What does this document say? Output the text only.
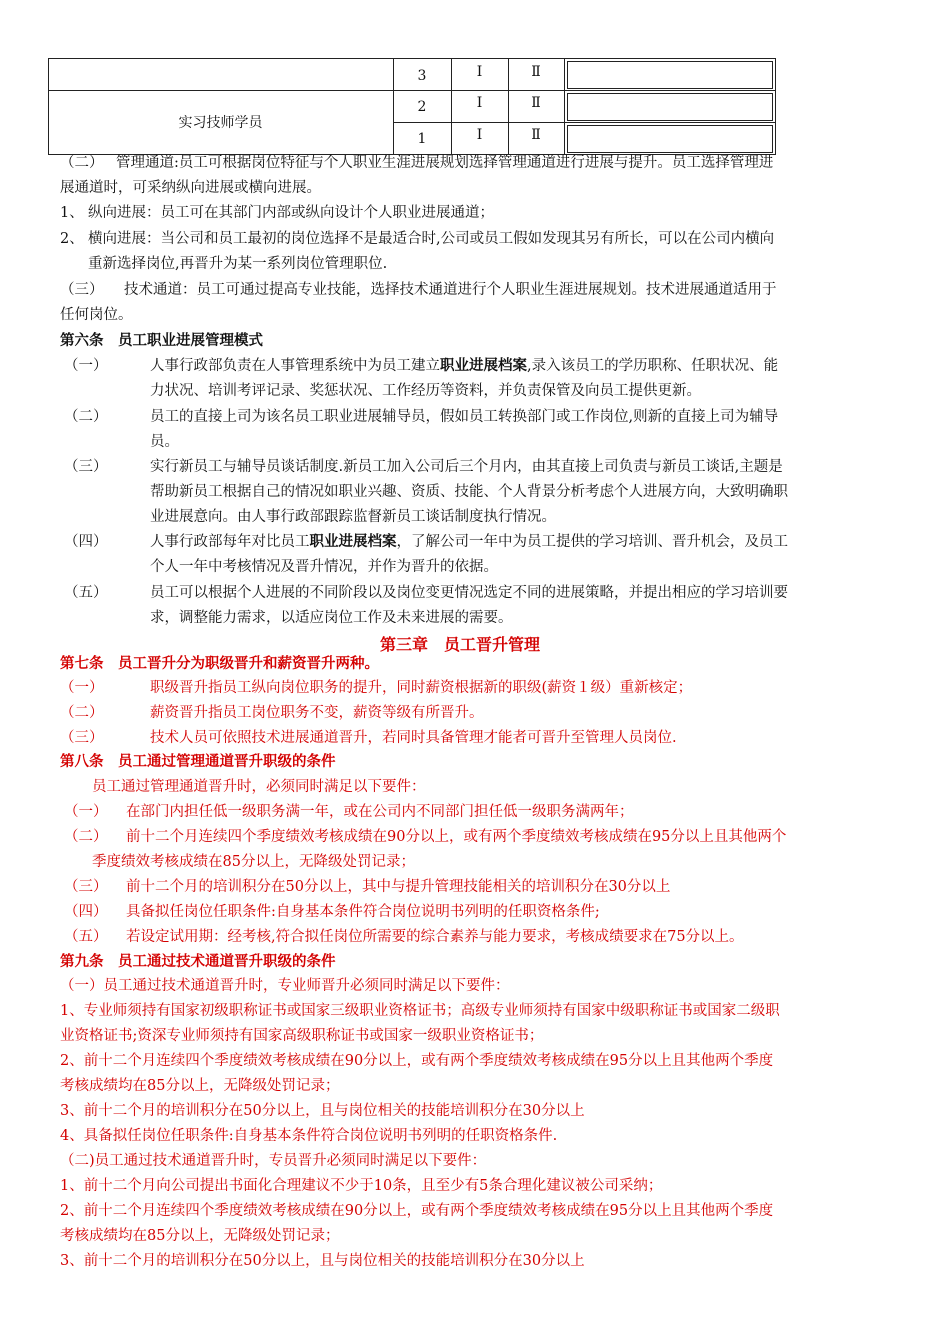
实习技师学员
3	Ⅰ	Ⅱ
2	Ⅰ	Ⅱ
1	Ⅰ	Ⅱ
（二） 管理通道:员工可根据岗位特征与个人职业生涯进展规划选择管理通道进行进展与提升。员工选择管理进
展通道时，可采纳纵向进展或横向进展。
1、 纵向进展：员工可在其部门内部或纵向设计个人职业进展通道；
2、 横向进展：当公司和员工最初的岗位选择不是最适合时,公司或员工假如发现其另有所长，可以在公司内横向
重新选择岗位,再晋升为某一系列岗位管理职位.
（三） 技术通道：员工可通过提高专业技能，选择技术通道进行个人职业生涯进展规划。技术进展通道适用于
任何岗位。
第六条　员工职业进展管理模式
（一）	人事行政部负责在人事管理系统中为员工建立职业进展档案,录入该员工的学历职称、任职状况、能
力状况、培训考评记录、奖惩状况、工作经历等资料，并负责保管及向员工提供更新。
（二）	员工的直接上司为该名员工职业进展辅导员，假如员工转换部门或工作岗位,则新的直接上司为辅导
员。
（三）	实行新员工与辅导员谈话制度.新员工加入公司后三个月内，由其直接上司负责与新员工谈话,主题是
帮助新员工根据自己的情况如职业兴趣、资质、技能、个人背景分析考虑个人进展方向，大致明确职
业进展意向。由人事行政部跟踪监督新员工谈话制度执行情况。
（四）	人事行政部每年对比员工职业进展档案，了解公司一年中为员工提供的学习培训、晋升机会，及员工
个人一年中考核情况及晋升情况，并作为晋升的依据。
（五）	员工可以根据个人进展的不同阶段以及岗位变更情况选定不同的进展策略，并提出相应的学习培训要
求，调整能力需求，以适应岗位工作及未来进展的需要。
第三章　员工晋升管理
第七条　员工晋升分为职级晋升和薪资晋升两种。
（一）	职级晋升指员工纵向岗位职务的提升，同时薪资根据新的职级(薪资１级）重新核定；
（二）	薪资晋升指员工岗位职务不变，薪资等级有所晋升。
（三）	技术人员可依照技术进展通道晋升，若同时具备管理才能者可晋升至管理人员岗位.
第八条　员工通过管理通道晋升职级的条件
员工通过管理通道晋升时，必须同时满足以下要件：
（一） 在部门内担任低一级职务满一年，或在公司内不同部门担任低一级职务满两年；
（二） 前十二个月连续四个季度绩效考核成绩在90分以上，或有两个季度绩效考核成绩在95分以上且其他两个
季度绩效考核成绩在85分以上，无降级处罚记录；
（三） 前十二个月的培训积分在50分以上，其中与提升管理技能相关的培训积分在30分以上
（四） 具备拟任岗位任职条件:自身基本条件符合岗位说明书列明的任职资格条件;
（五） 若设定试用期：经考核,符合拟任岗位所需要的综合素养与能力要求，考核成绩要求在75分以上。
第九条　员工通过技术通道晋升职级的条件
（一）员工通过技术通道晋升时，专业师晋升必须同时满足以下要件：
1、专业师须持有国家初级职称证书或国家三级职业资格证书；高级专业师须持有国家中级职称证书或国家二级职
业资格证书;资深专业师须持有国家高级职称证书或国家一级职业资格证书；
2、前十二个月连续四个季度绩效考核成绩在90分以上，或有两个季度绩效考核成绩在95分以上且其他两个季度
考核成绩均在85分以上，无降级处罚记录；
3、前十二个月的培训积分在50分以上，且与岗位相关的技能培训积分在30分以上
4、具备拟任岗位任职条件:自身基本条件符合岗位说明书列明的任职资格条件.
（二)员工通过技术通道晋升时，专员晋升必须同时满足以下要件：
1、前十二个月向公司提出书面化合理建议不少于10条，且至少有5条合理化建议被公司采纳；
2、前十二个月连续四个季度绩效考核成绩在90分以上，或有两个季度绩效考核成绩在95分以上且其他两个季度
考核成绩均在85分以上，无降级处罚记录；
3、前十二个月的培训积分在50分以上，且与岗位相关的技能培训积分在30分以上
